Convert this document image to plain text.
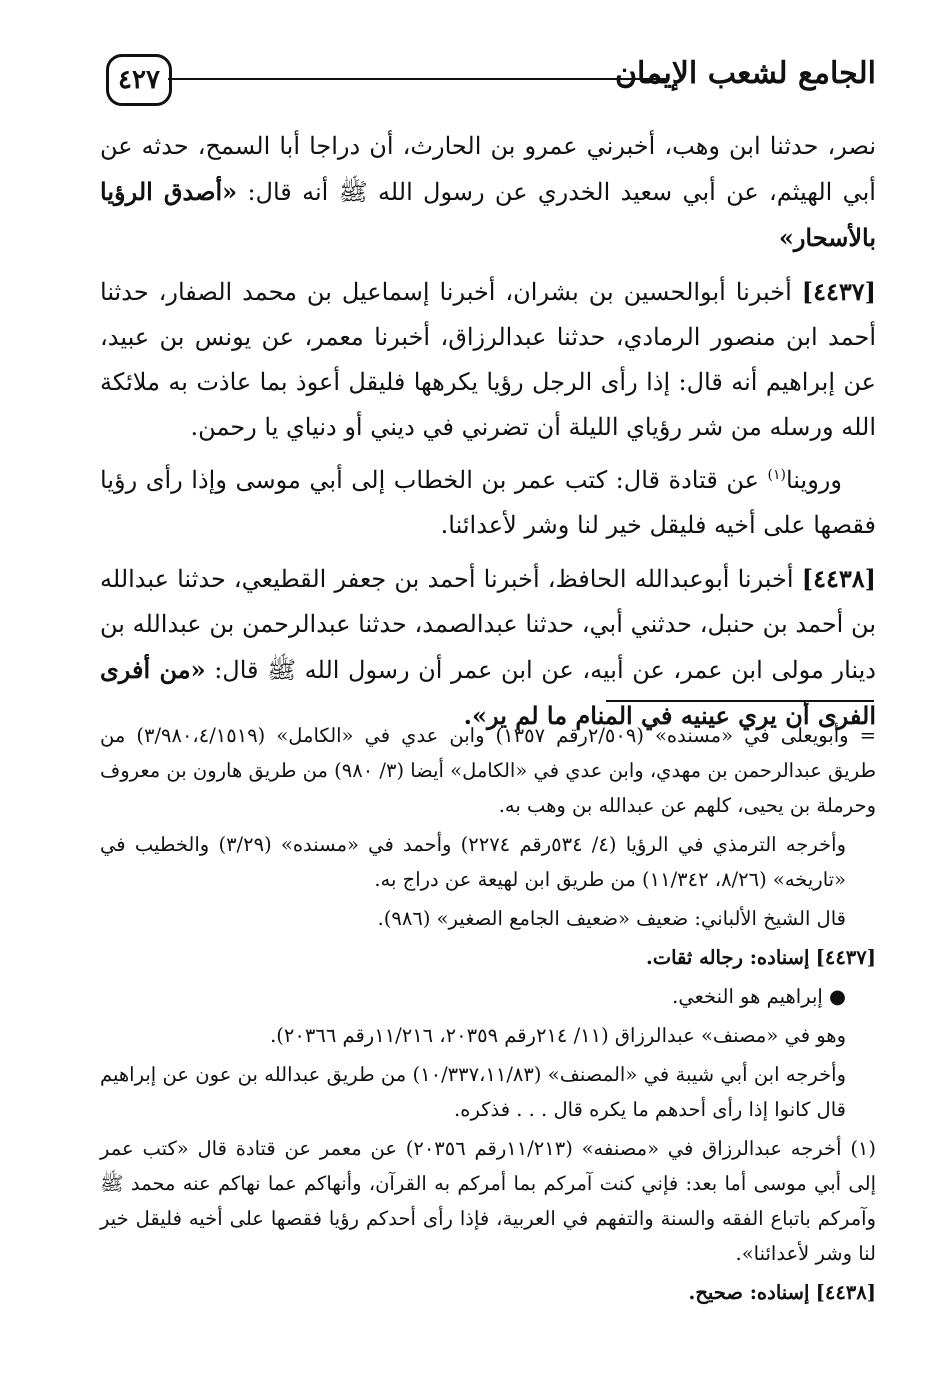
الجامع لشعب الإيمان
٤٢٧

نصر، حدثنا ابن وهب، أخبرني عمرو بن الحارث، أن دراجا أبا السمح، حدثه عن أبي الهيثم، عن أبي سعيد الخدري عن رسول الله ﷺ أنه قال: «أصدق الرؤيا بالأسحار»

[٤٤٣٧] أخبرنا أبوالحسين بن بشران، أخبرنا إسماعيل بن محمد الصفار، حدثنا أحمد ابن منصور الرمادي، حدثنا عبدالرزاق، أخبرنا معمر، عن يونس بن عبيد، عن إبراهيم أنه قال: إذا رأى الرجل رؤيا يكرهها فليقل أعوذ بما عاذت به ملائكة الله ورسله من شر رؤياي الليلة أن تضرني في ديني أو دنياي يا رحمن.

وروينا$^{(١)}$ عن قتادة قال: كتب عمر بن الخطاب إلى أبي موسى وإذا رأى رؤيا فقصها على أخيه فليقل خير لنا وشر لأعدائنا.

[٤٤٣٨] أخبرنا أبوعبدالله الحافظ، أخبرنا أحمد بن جعفر القطيعي، حدثنا عبدالله بن أحمد بن حنبل، حدثني أبي، حدثنا عبدالصمد، حدثنا عبدالرحمن بن عبدالله بن دينار مولى ابن عمر، عن أبيه، عن ابن عمر أن رسول الله ﷺ قال: «من أفرى الفرى أن يري عينيه في المنام ما لم ير».

= وأبويعلى في «مسنده» (٢/٥٠٩رقم ١٣٥٧) وابن عدي في «الكامل» (٣/٩٨٠،٤/١٥١٩) من طريق عبدالرحمن بن مهدي، وابن عدي في «الكامل» أيضا (٣/ ٩٨٠) من طريق هارون بن معروف وحرملة بن يحيى، كلهم عن عبدالله بن وهب به.

وأخرجه الترمذي في الرؤيا (٤/ ٥٣٤رقم ٢٢٧٤) وأحمد في «مسنده» (٣/٢٩) والخطيب في «تاريخه» (٨/٢٦، ١١/٣٤٢) من طريق ابن لهيعة عن دراج به.

قال الشيخ الألباني: ضعيف «ضعيف الجامع الصغير» (٩٨٦).

[٤٤٣٧] إسناده: رجاله ثقات.

● إبراهيم هو النخعي.

وهو في «مصنف» عبدالرزاق (١١/ ٢١٤رقم ٢٠٣٥٩، ١١/٢١٦رقم ٢٠٣٦٦).

وأخرجه ابن أبي شيبة في «المصنف» (١٠/٣٣٧،١١/٨٣) من طريق عبدالله بن عون عن إبراهيم قال كانوا إذا رأى أحدهم ما يكره قال . . . فذكره.

(١) أخرجه عبدالرزاق في «مصنفه» (١١/٢١٣رقم ٢٠٣٥٦) عن معمر عن قتادة قال «كتب عمر إلى أبي موسى أما بعد: فإني كنت آمركم بما أمركم به القرآن، وأنهاكم عما نهاكم عنه محمد ﷺ وآمركم باتباع الفقه والسنة والتفهم في العربية، فإذا رأى أحدكم رؤيا فقصها على أخيه فليقل خير لنا وشر لأعدائنا».

[٤٤٣٨] إسناده: صحيح.
